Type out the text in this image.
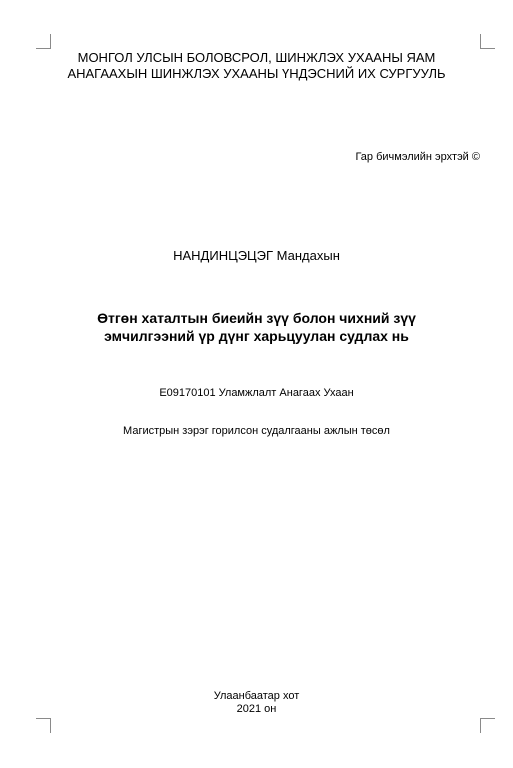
МОНГОЛ УЛСЫН БОЛОВСРОЛ, ШИНЖЛЭХ УХААНЫ ЯАМ
АНАГААХЫН ШИНЖЛЭХ УХААНЫ ҮНДЭСНИЙ ИХ СУРГУУЛЬ
Гар бичмэлийн эрхтэй ©
НАНДИНЦЭЦЭГ Мандахын
Өтгөн хаталтын биеийн зүү болон чихний зүү
эмчилгээний үр дүнг харьцуулан судлах нь
E09170101 Уламжлалт Анагаах Ухаан
Магистрын зэрэг горилсон судалгааны ажлын төсөл
Улаанбаатар хот
2021 он
